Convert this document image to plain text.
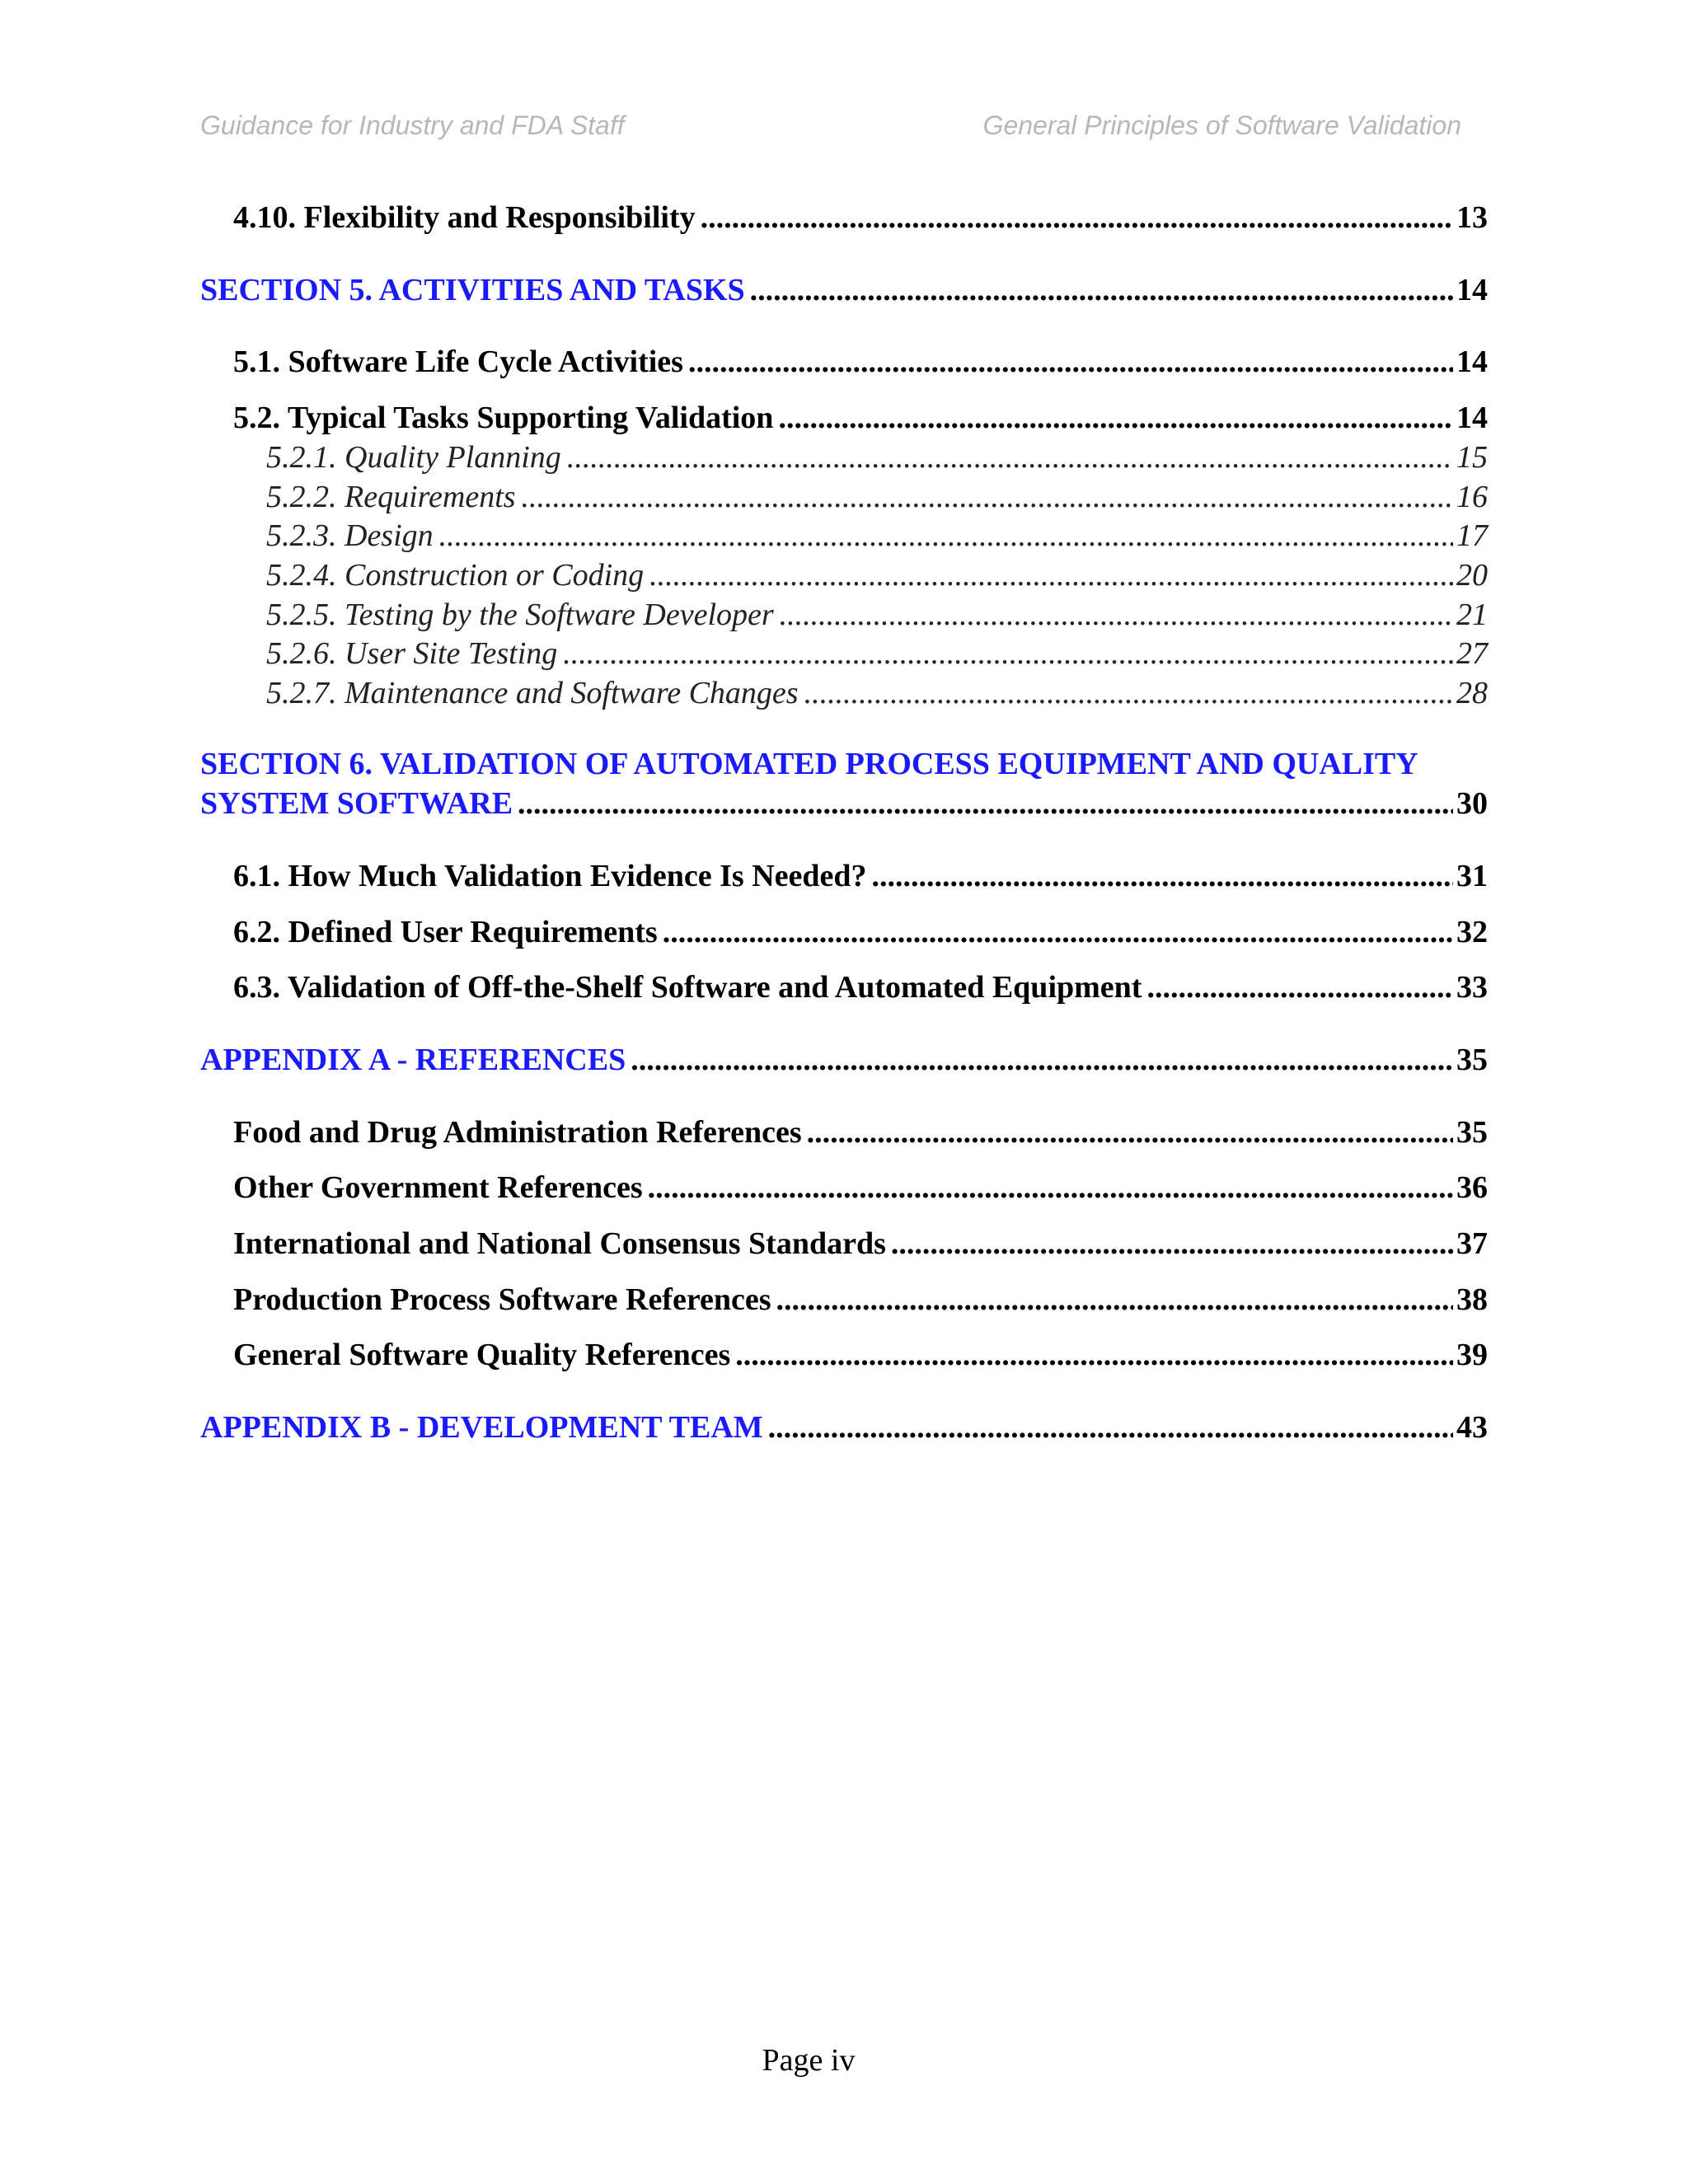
Guidance for Industry and FDA Staff	General Principles of Software Validation
4.10. Flexibility and Responsibility .....	13
SECTION 5. ACTIVITIES AND TASKS .....	14
5.1. Software Life Cycle Activities .....	14
5.2. Typical Tasks Supporting Validation .....	14
5.2.1. Quality Planning .....	15
5.2.2. Requirements .....	16
5.2.3. Design .....	17
5.2.4. Construction or Coding .....	20
5.2.5. Testing by the Software Developer .....	21
5.2.6. User Site Testing .....	27
5.2.7. Maintenance and Software Changes .....	28
SECTION 6. VALIDATION OF AUTOMATED PROCESS EQUIPMENT AND QUALITY
SYSTEM SOFTWARE .....	30
6.1. How Much Validation Evidence Is Needed? .....	31
6.2. Defined User Requirements .....	32
6.3. Validation of Off-the-Shelf Software and Automated Equipment .....	33
APPENDIX A - REFERENCES .....	35
Food and Drug Administration References .....	35
Other Government References .....	36
International and National Consensus Standards .....	37
Production Process Software References .....	38
General Software Quality References .....	39
APPENDIX B - DEVELOPMENT TEAM .....	43
Page iv
